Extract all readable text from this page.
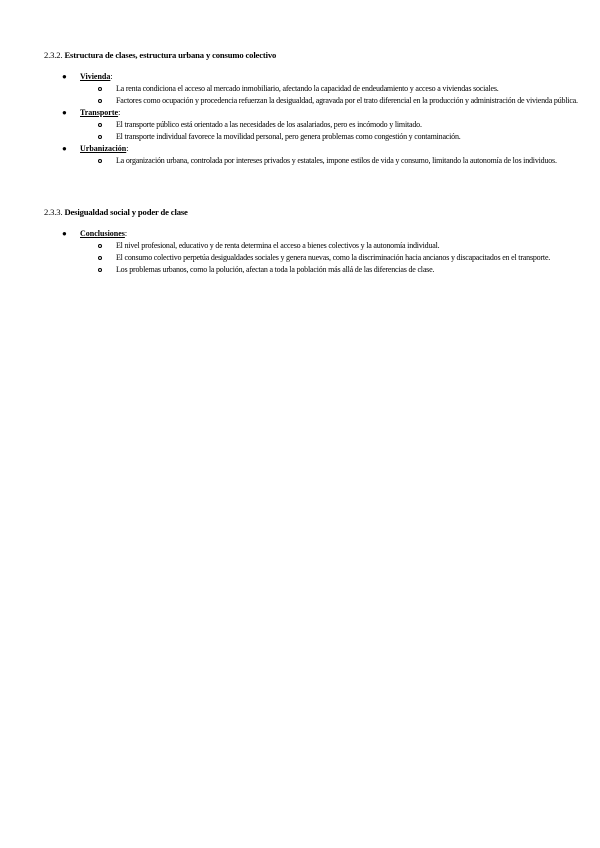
2.3.2. Estructura de clases, estructura urbana y consumo colectivo

● Vivienda:
La renta condiciona el acceso al mercado inmobiliario, afectando la capacidad de endeudamiento y acceso a viviendas sociales.
Factores como ocupación y procedencia refuerzan la desigualdad, agravada por el trato diferencial en la producción y administración de vivienda pública.
● Transporte:
El transporte público está orientado a las necesidades de los asalariados, pero es incómodo y limitado.
El transporte individual favorece la movilidad personal, pero genera problemas como congestión y contaminación.
● Urbanización:
La organización urbana, controlada por intereses privados y estatales, impone estilos de vida y consumo, limitando la autonomía de los individuos.

2.3.3. Desigualdad social y poder de clase

● Conclusiones:
El nivel profesional, educativo y de renta determina el acceso a bienes colectivos y la autonomía individual.
El consumo colectivo perpetúa desigualdades sociales y genera nuevas, como la discriminación hacia ancianos y discapacitados en el transporte.
Los problemas urbanos, como la polución, afectan a toda la población más allá de las diferencias de clase.
